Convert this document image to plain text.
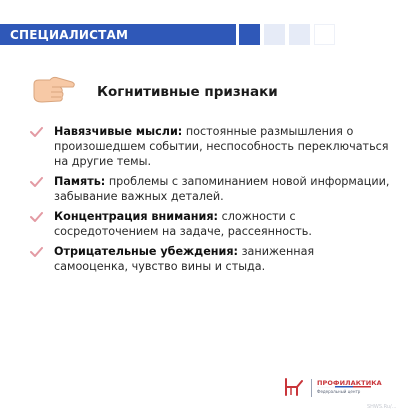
СПЕЦИАЛИСТАМ
Когнитивные признаки
Навязчивые мысли: постоянные размышления о произошедшем событии, неспособность переключаться на другие темы.
Память: проблемы с запоминанием новой информации, забывание важных деталей.
Концентрация внимания: сложности с сосредоточением на задаче, рассеянность.
Отрицательные убеждения: заниженная самооценка, чувство вины и стыда.
ПРОФИЛАКТИКА
Федеральный центр
SHWS.Ru/...
